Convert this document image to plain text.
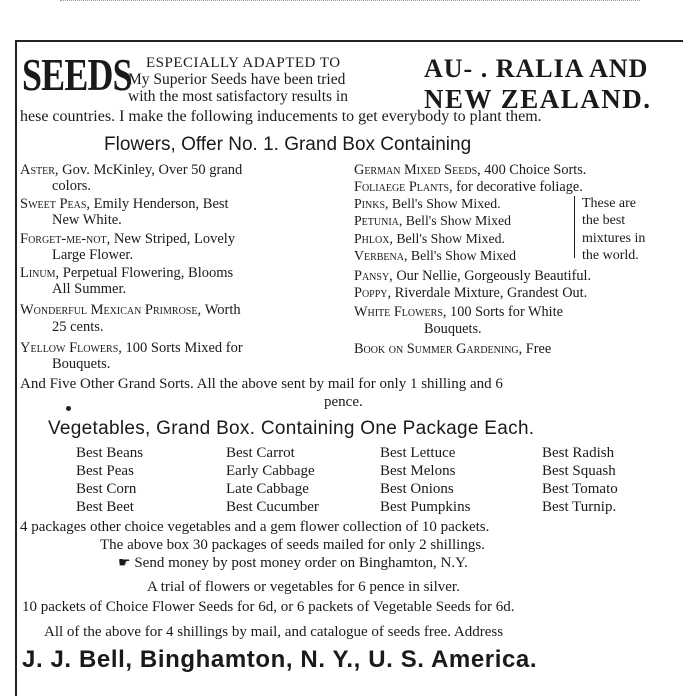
SEEDS ESPECIALLY ADAPTED TO
My Superior Seeds have been tried
with the most satisfactory results in
AU- . RALIA AND
NEW ZEALAND.
hese countries. I make the following inducements to get everybody to plant them.
Flowers, Offer No. 1. Grand Box Containing
Aster, Gov. McKinley, Over 50 grand
colors.
Sweet Peas, Emily Henderson, Best
New White.
Forget-me-not, New Striped, Lovely
Large Flower.
Linum, Perpetual Flowering, Blooms
All Summer.
Wonderful Mexican Primrose, Worth
25 cents.
Yellow Flowers, 100 Sorts Mixed for
Bouquets.
German Mixed Seeds, 400 Choice Sorts.
Foliaege Plants, for decorative foliage.
Pinks, Bell's Show Mixed.
Petunia, Bell's Show Mixed
Phlox, Bell's Show Mixed.
Verbena, Bell's Show Mixed
Pansy, Our Nellie, Gorgeously Beautiful.
Poppy, Riverdale Mixture, Grandest Out.
White Flowers, 100 Sorts for White
Bouquets.
Book on Summer Gardening, Free
These are
the best
mixtures in
the world.
And Five Other Grand Sorts. All the above sent by mail for only 1 shilling and 6
pence.
Vegetables, Grand Box. Containing One Package Each.
Best Beans
Best Peas
Best Corn
Best Beet
Best Carrot
Early Cabbage
Late Cabbage
Best Cucumber
Best Lettuce
Best Melons
Best Onions
Best Pumpkins
Best Radish
Best Squash
Best Tomato
Best Turnip.
4 packages other choice vegetables and a gem flower collection of 10 packets.
The above box 30 packages of seeds mailed for only 2 shillings.
☛ Send money by post money order on Binghamton, N.Y.
A trial of flowers or vegetables for 6 pence in silver.
10 packets of Choice Flower Seeds for 6d, or 6 packets of Vegetable Seeds for 6d.
All of the above for 4 shillings by mail, and catalogue of seeds free. Address
J. J. Bell, Binghamton, N. Y., U. S. America.
